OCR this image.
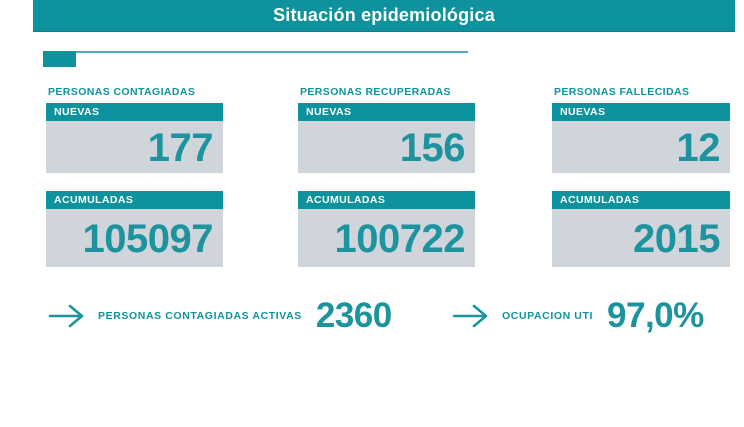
Situación epidemiológica
PERSONAS CONTAGIADAS
NUEVAS
177
ACUMULADAS
105097
PERSONAS RECUPERADAS
NUEVAS
156
ACUMULADAS
100722
PERSONAS FALLECIDAS
NUEVAS
12
ACUMULADAS
2015
PERSONAS CONTAGIADAS ACTIVAS 2360	OCUPACION UTI 97,0%
